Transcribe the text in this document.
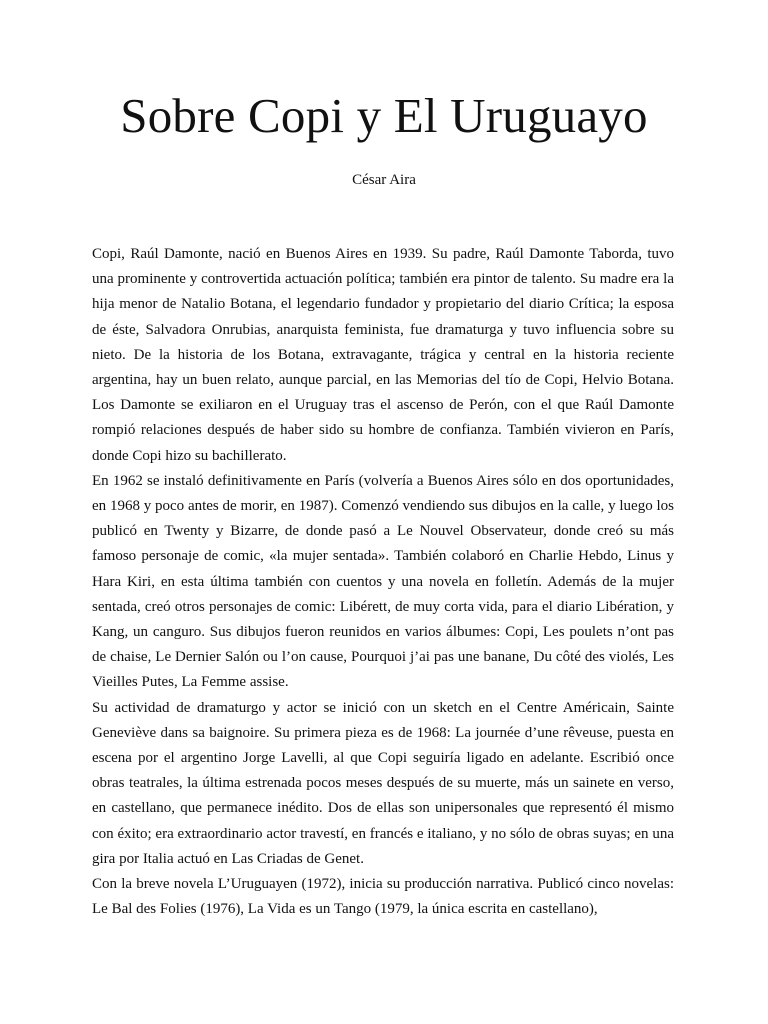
Sobre Copi y El Uruguayo
César Aira

Copi, Raúl Damonte, nació en Buenos Aires en 1939. Su padre, Raúl Damonte Taborda, tuvo una prominente y controvertida actuación política; también era pintor de talento. Su madre era la hija menor de Natalio Botana, el legendario fundador y propietario del diario Crítica; la esposa de éste, Salvadora Onrubias, anarquista feminista, fue dramaturga y tuvo influencia sobre su nieto. De la historia de los Botana, extravagante, trágica y central en la historia reciente argentina, hay un buen relato, aunque parcial, en las Memorias del tío de Copi, Helvio Botana. Los Damonte se exiliaron en el Uruguay tras el ascenso de Perón, con el que Raúl Damonte rompió relaciones después de haber sido su hombre de confianza. También vivieron en París, donde Copi hizo su bachillerato.

En 1962 se instaló definitivamente en París (volvería a Buenos Aires sólo en dos oportunidades, en 1968 y poco antes de morir, en 1987). Comenzó vendiendo sus dibujos en la calle, y luego los publicó en Twenty y Bizarre, de donde pasó a Le Nouvel Observateur, donde creó su más famoso personaje de comic, «la mujer sentada». También colaboró en Charlie Hebdo, Linus y Hara Kiri, en esta última también con cuentos y una novela en folletín. Además de la mujer sentada, creó otros personajes de comic: Libérett, de muy corta vida, para el diario Libération, y Kang, un canguro. Sus dibujos fueron reunidos en varios álbumes: Copi, Les poulets n’ont pas de chaise, Le Dernier Salón ou l’on cause, Pourquoi j’ai pas une banane, Du côté des violés, Les Vieilles Putes, La Femme assise.

Su actividad de dramaturgo y actor se inició con un sketch en el Centre Américain, Sainte Geneviève dans sa baignoire. Su primera pieza es de 1968: La journée d’une rêveuse, puesta en escena por el argentino Jorge Lavelli, al que Copi seguiría ligado en adelante. Escribió once obras teatrales, la última estrenada pocos meses después de su muerte, más un sainete en verso, en castellano, que permanece inédito. Dos de ellas son unipersonales que representó él mismo con éxito; era extraordinario actor travestí, en francés e italiano, y no sólo de obras suyas; en una gira por Italia actuó en Las Criadas de Genet.

Con la breve novela L’Uruguayen (1972), inicia su producción narrativa. Publicó cinco novelas: Le Bal des Folies (1976), La Vida es un Tango (1979, la única escrita en castellano),
